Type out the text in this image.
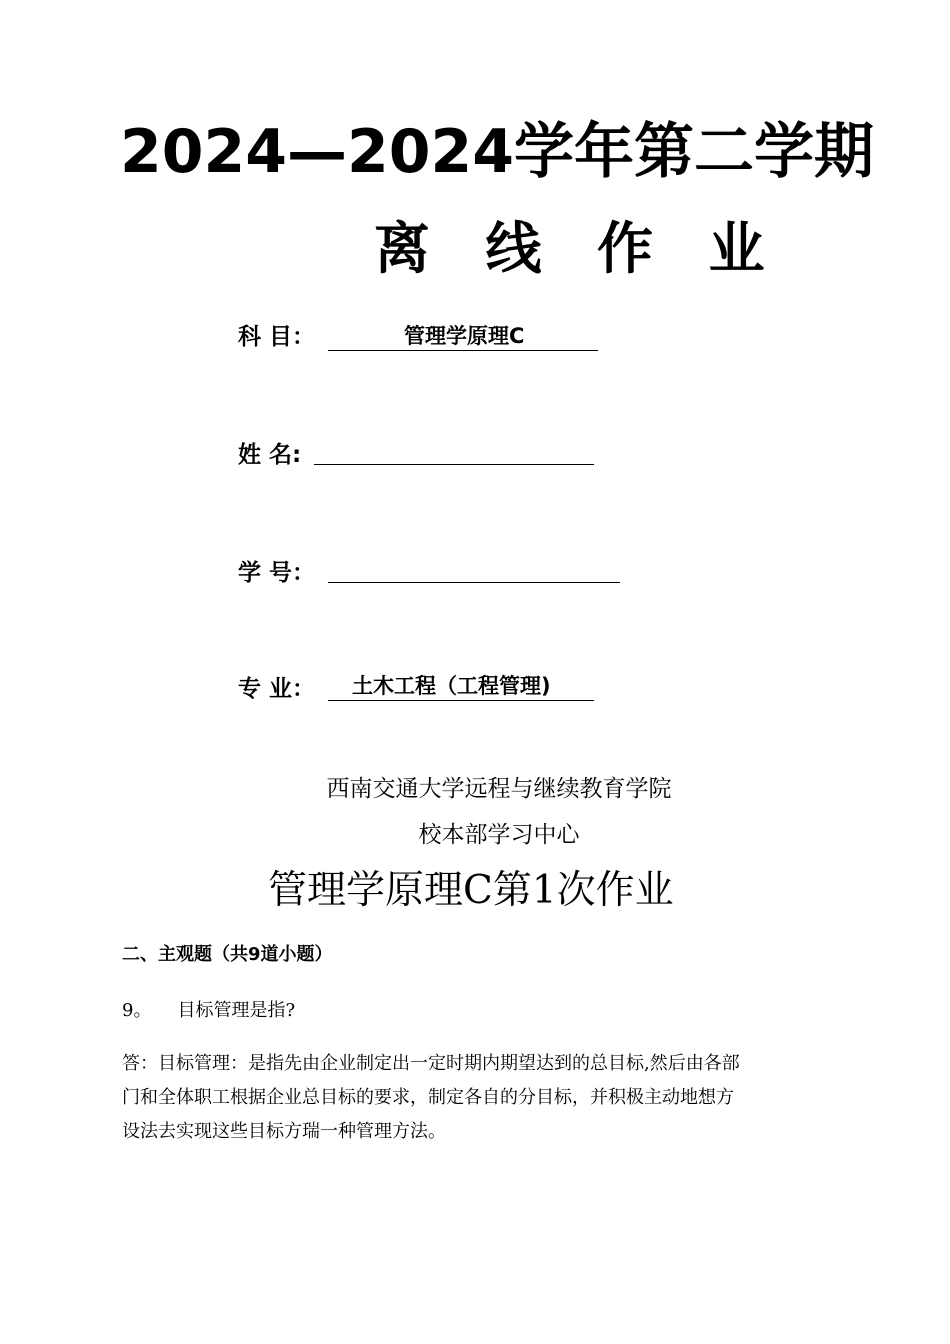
2024—2024学年第二学期
离 线 作 业
科 目：	管理学原理C
姓 名:
学 号：
专 业： 土木工程（工程管理)
西南交通大学远程与继续教育学院
校本部学习中心
管理学原理C第1次作业
二、主观题（共9道小题）
9。 目标管理是指?
答：目标管理：是指先由企业制定出一定时期内期望达到的总目标,然后由各部
门和全体职工根据企业总目标的要求，制定各自的分目标，并积极主动地想方
设法去实现这些目标方瑞一种管理方法。
